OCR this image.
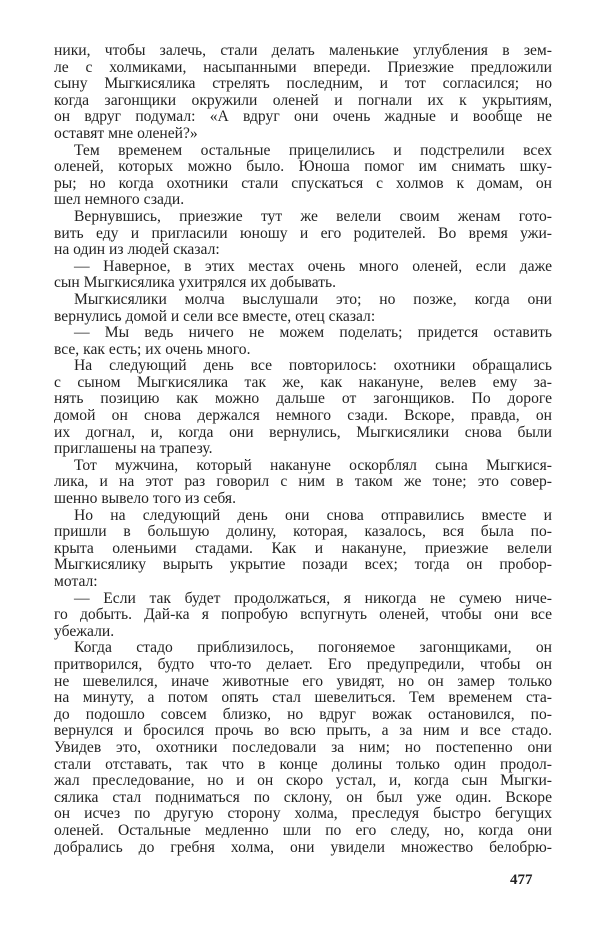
ники, чтобы залечь, стали делать маленькие углубления в зем-
ле с холмиками, насыпанными впереди. Приезжие предложили
сыну Мыгкисялика стрелять последним, и тот согласился; но
когда загонщики окружили оленей и погнали их к укрытиям,
он вдруг подумал: «А вдруг они очень жадные и вообще не
оставят мне оленей?»
Тем временем остальные прицелились и подстрелили всех
оленей, которых можно было. Юноша помог им снимать шку-
ры; но когда охотники стали спускаться с холмов к домам, он
шел немного сзади.
Вернувшись, приезжие тут же велели своим женам гото-
вить еду и пригласили юношу и его родителей. Во время ужи-
на один из людей сказал:
— Наверное, в этих местах очень много оленей, если даже
сын Мыгкисялика ухитрялся их добывать.
Мыгкисялики молча выслушали это; но позже, когда они
вернулись домой и сели все вместе, отец сказал:
— Мы ведь ничего не можем поделать; придется оставить
все, как есть; их очень много.
На следующий день все повторилось: охотники обращались
с сыном Мыгкисялика так же, как накануне, велев ему за-
нять позицию как можно дальше от загонщиков. По дороге
домой он снова держался немного сзади. Вскоре, правда, он
их догнал, и, когда они вернулись, Мыгкисялики снова были
приглашены на трапезу.
Тот мужчина, который накануне оскорблял сына Мыгкися-
лика, и на этот раз говорил с ним в таком же тоне; это совер-
шенно вывело того из себя.
Но на следующий день они снова отправились вместе и
пришли в большую долину, которая, казалось, вся была по-
крыта оленьими стадами. Как и накануне, приезжие велели
Мыгкисялику вырыть укрытие позади всех; тогда он пробор-
мотал:
— Если так будет продолжаться, я никогда не сумею ниче-
го добыть. Дай-ка я попробую вспугнуть оленей, чтобы они все
убежали.
Когда стадо приблизилось, погоняемое загонщиками, он
притворился, будто что-то делает. Его предупредили, чтобы он
не шевелился, иначе животные его увидят, но он замер только
на минуту, а потом опять стал шевелиться. Тем временем ста-
до подошло совсем близко, но вдруг вожак остановился, по-
вернулся и бросился прочь во всю прыть, а за ним и все стадо.
Увидев это, охотники последовали за ним; но постепенно они
стали отставать, так что в конце долины только один продол-
жал преследование, но и он скоро устал, и, когда сын Мыгки-
сялика стал подниматься по склону, он был уже один. Вскоре
он исчез по другую сторону холма, преследуя быстро бегущих
оленей. Остальные медленно шли по его следу, но, когда они
добрались до гребня холма, они увидели множество белобрю-
477
